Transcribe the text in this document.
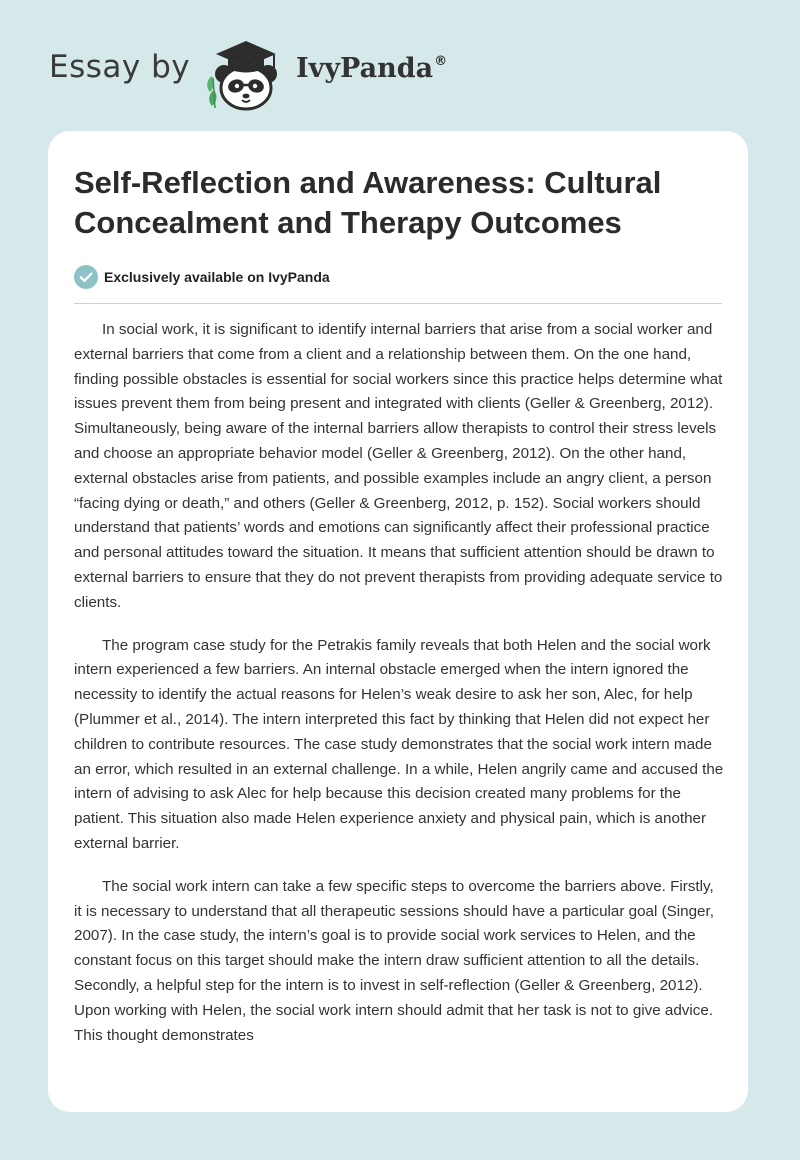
Essay by	IvyPanda®
Self-Reflection and Awareness: Cultural Concealment and Therapy Outcomes
Exclusively available on IvyPanda

In social work, it is significant to identify internal barriers that arise from a social worker and external barriers that come from a client and a relationship between them. On the one hand, finding possible obstacles is essential for social workers since this practice helps determine what issues prevent them from being present and integrated with clients (Geller & Greenberg, 2012). Simultaneously, being aware of the internal barriers allow therapists to control their stress levels and choose an appropriate behavior model (Geller & Greenberg, 2012). On the other hand, external obstacles arise from patients, and possible examples include an angry client, a person “facing dying or death,” and others (Geller & Greenberg, 2012, p. 152). Social workers should understand that patients’ words and emotions can significantly affect their professional practice and personal attitudes toward the situation. It means that sufficient attention should be drawn to external barriers to ensure that they do not prevent therapists from providing adequate service to clients.

The program case study for the Petrakis family reveals that both Helen and the social work intern experienced a few barriers. An internal obstacle emerged when the intern ignored the necessity to identify the actual reasons for Helen’s weak desire to ask her son, Alec, for help (Plummer et al., 2014). The intern interpreted this fact by thinking that Helen did not expect her children to contribute resources. The case study demonstrates that the social work intern made an error, which resulted in an external challenge. In a while, Helen angrily came and accused the intern of advising to ask Alec for help because this decision created many problems for the patient. This situation also made Helen experience anxiety and physical pain, which is another external barrier.

The social work intern can take a few specific steps to overcome the barriers above. Firstly, it is necessary to understand that all therapeutic sessions should have a particular goal (Singer, 2007). In the case study, the intern’s goal is to provide social work services to Helen, and the constant focus on this target should make the intern draw sufficient attention to all the details. Secondly, a helpful step for the intern is to invest in self-reflection (Geller & Greenberg, 2012). Upon working with Helen, the social work intern should admit that her task is not to give advice. This thought demonstrates
